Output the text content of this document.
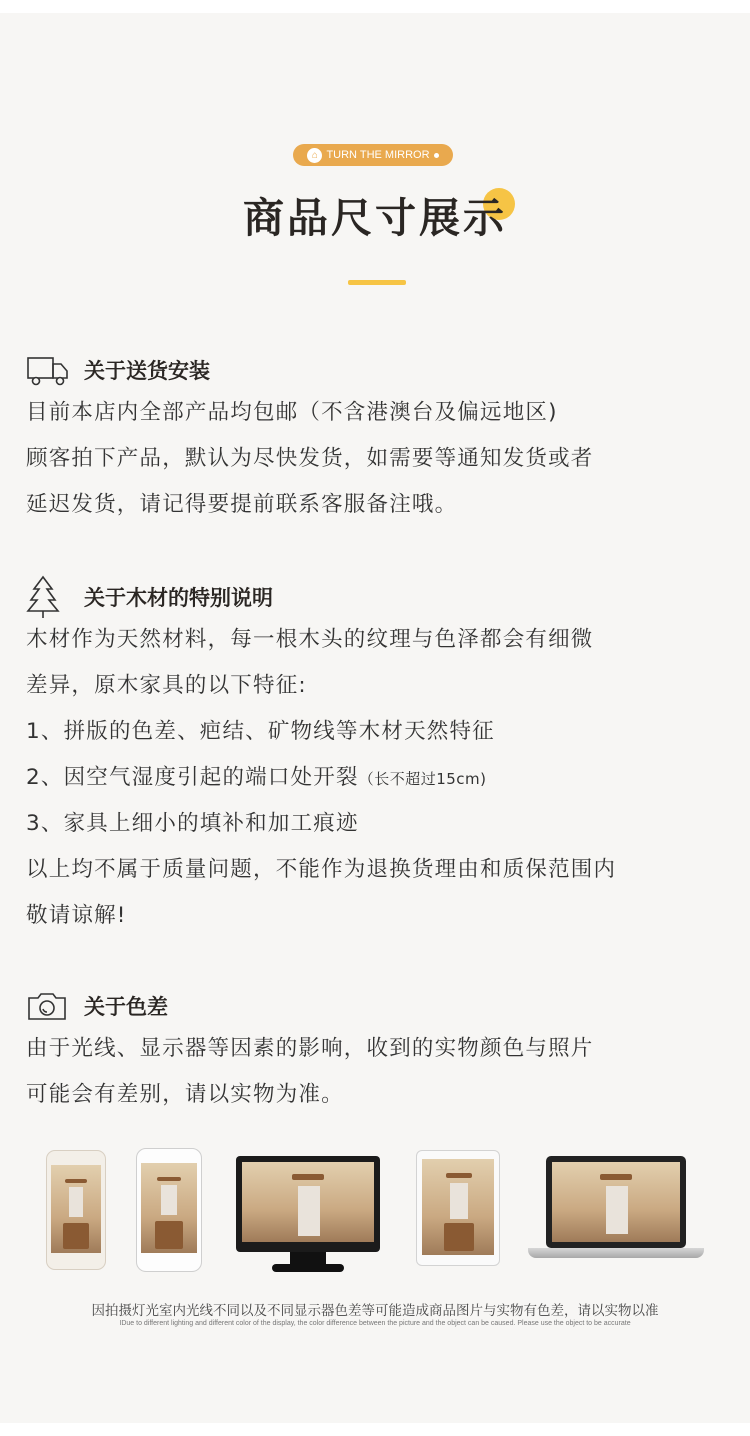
⌂ TURN THE MIRROR
商品尺寸展示
关于送货安装
目前本店内全部产品均包邮（不含港澳台及偏远地区)
顾客拍下产品，默认为尽快发货，如需要等通知发货或者
延迟发货，请记得要提前联系客服备注哦。
关于木材的特别说明
木材作为天然材料，每一根木头的纹理与色泽都会有细微
差异，原木家具的以下特征:
1、拼版的色差、疤结、矿物线等木材天然特征
2、因空气湿度引起的端口处开裂（长不超过15cm)
3、家具上细小的填补和加工痕迹
以上均不属于质量问题，不能作为退换货理由和质保范围内
敬请谅解!
关于色差
由于光线、显示器等因素的影响，收到的实物颜色与照片
可能会有差别，请以实物为准。
因拍摄灯光室内光线不同以及不同显示器色差等可能造成商品图片与实物有色差，请以实物以准
IDue to different lighting and different color of the display, the color difference between the picture and the object can be caused. Please use the object to be accurate
